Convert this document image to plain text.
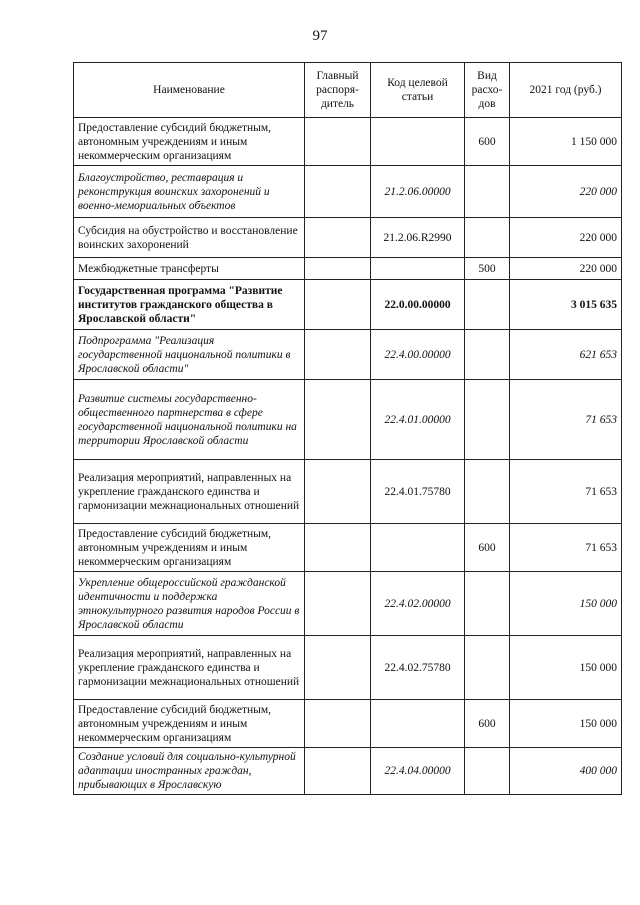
97
Наименование	Главный распоря-дитель	Код целевой статьи	Вид расхо-дов	2021 год (руб.)
Предоставление субсидий бюджетным, автономным учреждениям и иным некоммерческим организациям			600	1 150 000
Благоустройство, реставрация и реконструкция воинских захоронений и военно-мемориальных объектов		21.2.06.00000		220 000
Субсидия на обустройство и восстановление воинских захоронений		21.2.06.R2990		220 000
Межбюджетные трансферты			500	220 000
Государственная программа "Развитие институтов гражданского общества в Ярославской области"		22.0.00.00000		3 015 635
Подпрограмма "Реализация государственной национальной политики в Ярославской области"		22.4.00.00000		621 653
Развитие системы государственно-общественного партнерства в сфере государственной национальной политики на территории Ярославской области		22.4.01.00000		71 653
Реализация мероприятий, направленных на укрепление гражданского единства и гармонизации межнациональных отношений		22.4.01.75780		71 653
Предоставление субсидий бюджетным, автономным учреждениям и иным некоммерческим организациям			600	71 653
Укрепление общероссийской гражданской идентичности и поддержка этнокультурного развития народов России в Ярославской области		22.4.02.00000		150 000
Реализация мероприятий, направленных на укрепление гражданского единства и гармонизации межнациональных отношений		22.4.02.75780		150 000
Предоставление субсидий бюджетным, автономным учреждениям и иным некоммерческим организациям			600	150 000
Создание условий для социально-культурной адаптации иностранных граждан, прибывающих в Ярославскую		22.4.04.00000		400 000
